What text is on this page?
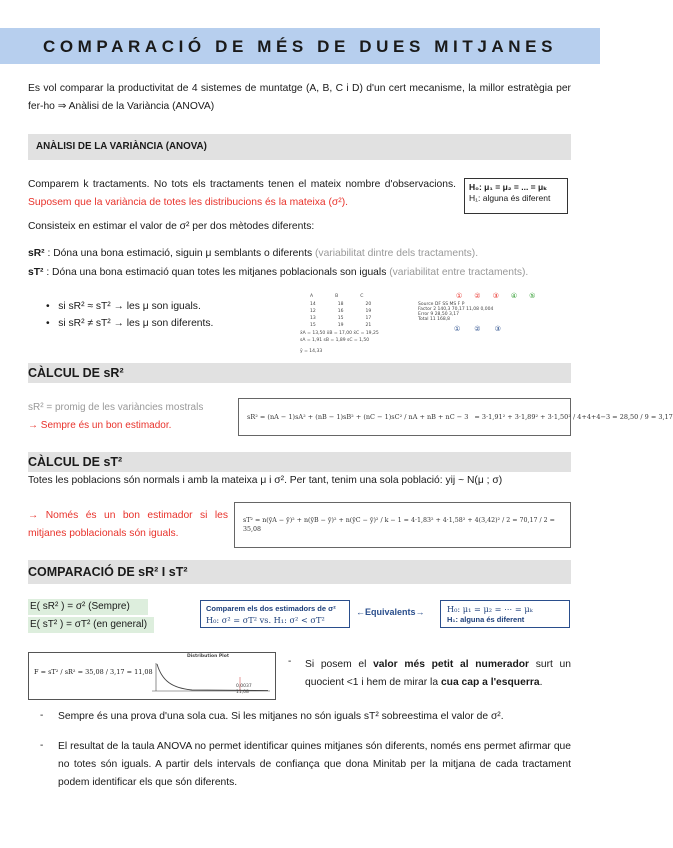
COMPARACIÓ DE MÉS DE DUES MITJANES
Es vol comparar la productivitat de 4 sistemes de muntatge (A, B, C i D) d'un cert mecanisme, la millor estratègia per fer-ho ⇒ Anàlisi de la Variància (ANOVA)
ANÀLISI DE LA VARIÀNCIA (ANOVA)
Comparem k tractaments. No tots els tractaments tenen el mateix nombre d'observacions. Suposem que la variància de totes les distribucions és la mateixa (σ²).
H₀: μ₁ = μ₂ = ... = μₖ
H₁: alguna és diferent
Consisteix en estimar el valor de σ² per dos mètodes diferents:
sR² : Dóna una bona estimació, siguin μ semblants o diferents (variabilitat dintre dels tractaments).
sT² : Dóna una bona estimació quan totes les mitjanes poblacionals son iguals (variabilitat entre tractaments).
•   si sR² ≈ sT² → les μ son iguals.
•   si sR² ≠ sT² → les μ son diferents.
A	B	C
14	18	20
12	16	19
13	15	17
15	19	21
x̄A = 13,50 x̄B = 17,00 x̄C = 19,25
sA = 1,91 sB = 1,89 sC = 1,50
ȳ = 14,33
① ② ③ ④ ⑤
Source DF SS MS F P
Factor 2 140,3 70,17 11,08 0,004
Error 9 28,50 3,17
Total 11 168,8
① ② ③
CÀLCUL DE sR²
sR² = promig de les variàncies mostrals
→ Sempre és un bon estimador.
sR² = (nA − 1)sA² + (nB − 1)sB² + (nC − 1)sC² / nA + nB + nC − 3 = 3·1,91² + 3·1,89² + 3·1,50² / 4+4+4−3 = 28,50 / 9 = 3,17
CÀLCUL DE sT²
Totes les poblacions són normals i amb la mateixa μ i σ². Per tant, tenim una sola població: yij ~ N(μ ; σ)
→ Només és un bon estimador si les mitjanes poblacionals són iguals.
sT² = n(ȳA − ȳ)² + n(ȳB − ȳ)² + n(ȳC − ȳ)² / k − 1 = 4·1,83² + 4·1,58² + 4(3,42)² / 2 = 70,17 / 2 = 35,08
COMPARACIÓ DE sR² I sT²
E( sR² ) = σ² (Sempre)
E( sT² ) = σT² (en general)
Comparem els dos estimadors de σ²
H₀: σ² = σT² vs. H₁: σ² < σT²
←Equivalents→	H₀: μ₁ = μ₂ = ⋯ = μₖ
H₁: alguna és diferent
F = sT² / sR² = 35,08 / 3,17 = 11,08
Distribution Plot
0,0037
11,08
- Si posem el valor més petit al numerador surt un quocient <1 i hem de mirar la cua cap a l'esquerra.
- Sempre és una prova d'una sola cua. Si les mitjanes no són iguals sT² sobreestima el valor de σ².
- El resultat de la taula ANOVA no permet identificar quines mitjanes són diferents, només ens permet afirmar que no totes són iguals. A partir dels intervals de confiança que dona Minitab per la mitjana de cada tractament podem identificar els que són diferents.
